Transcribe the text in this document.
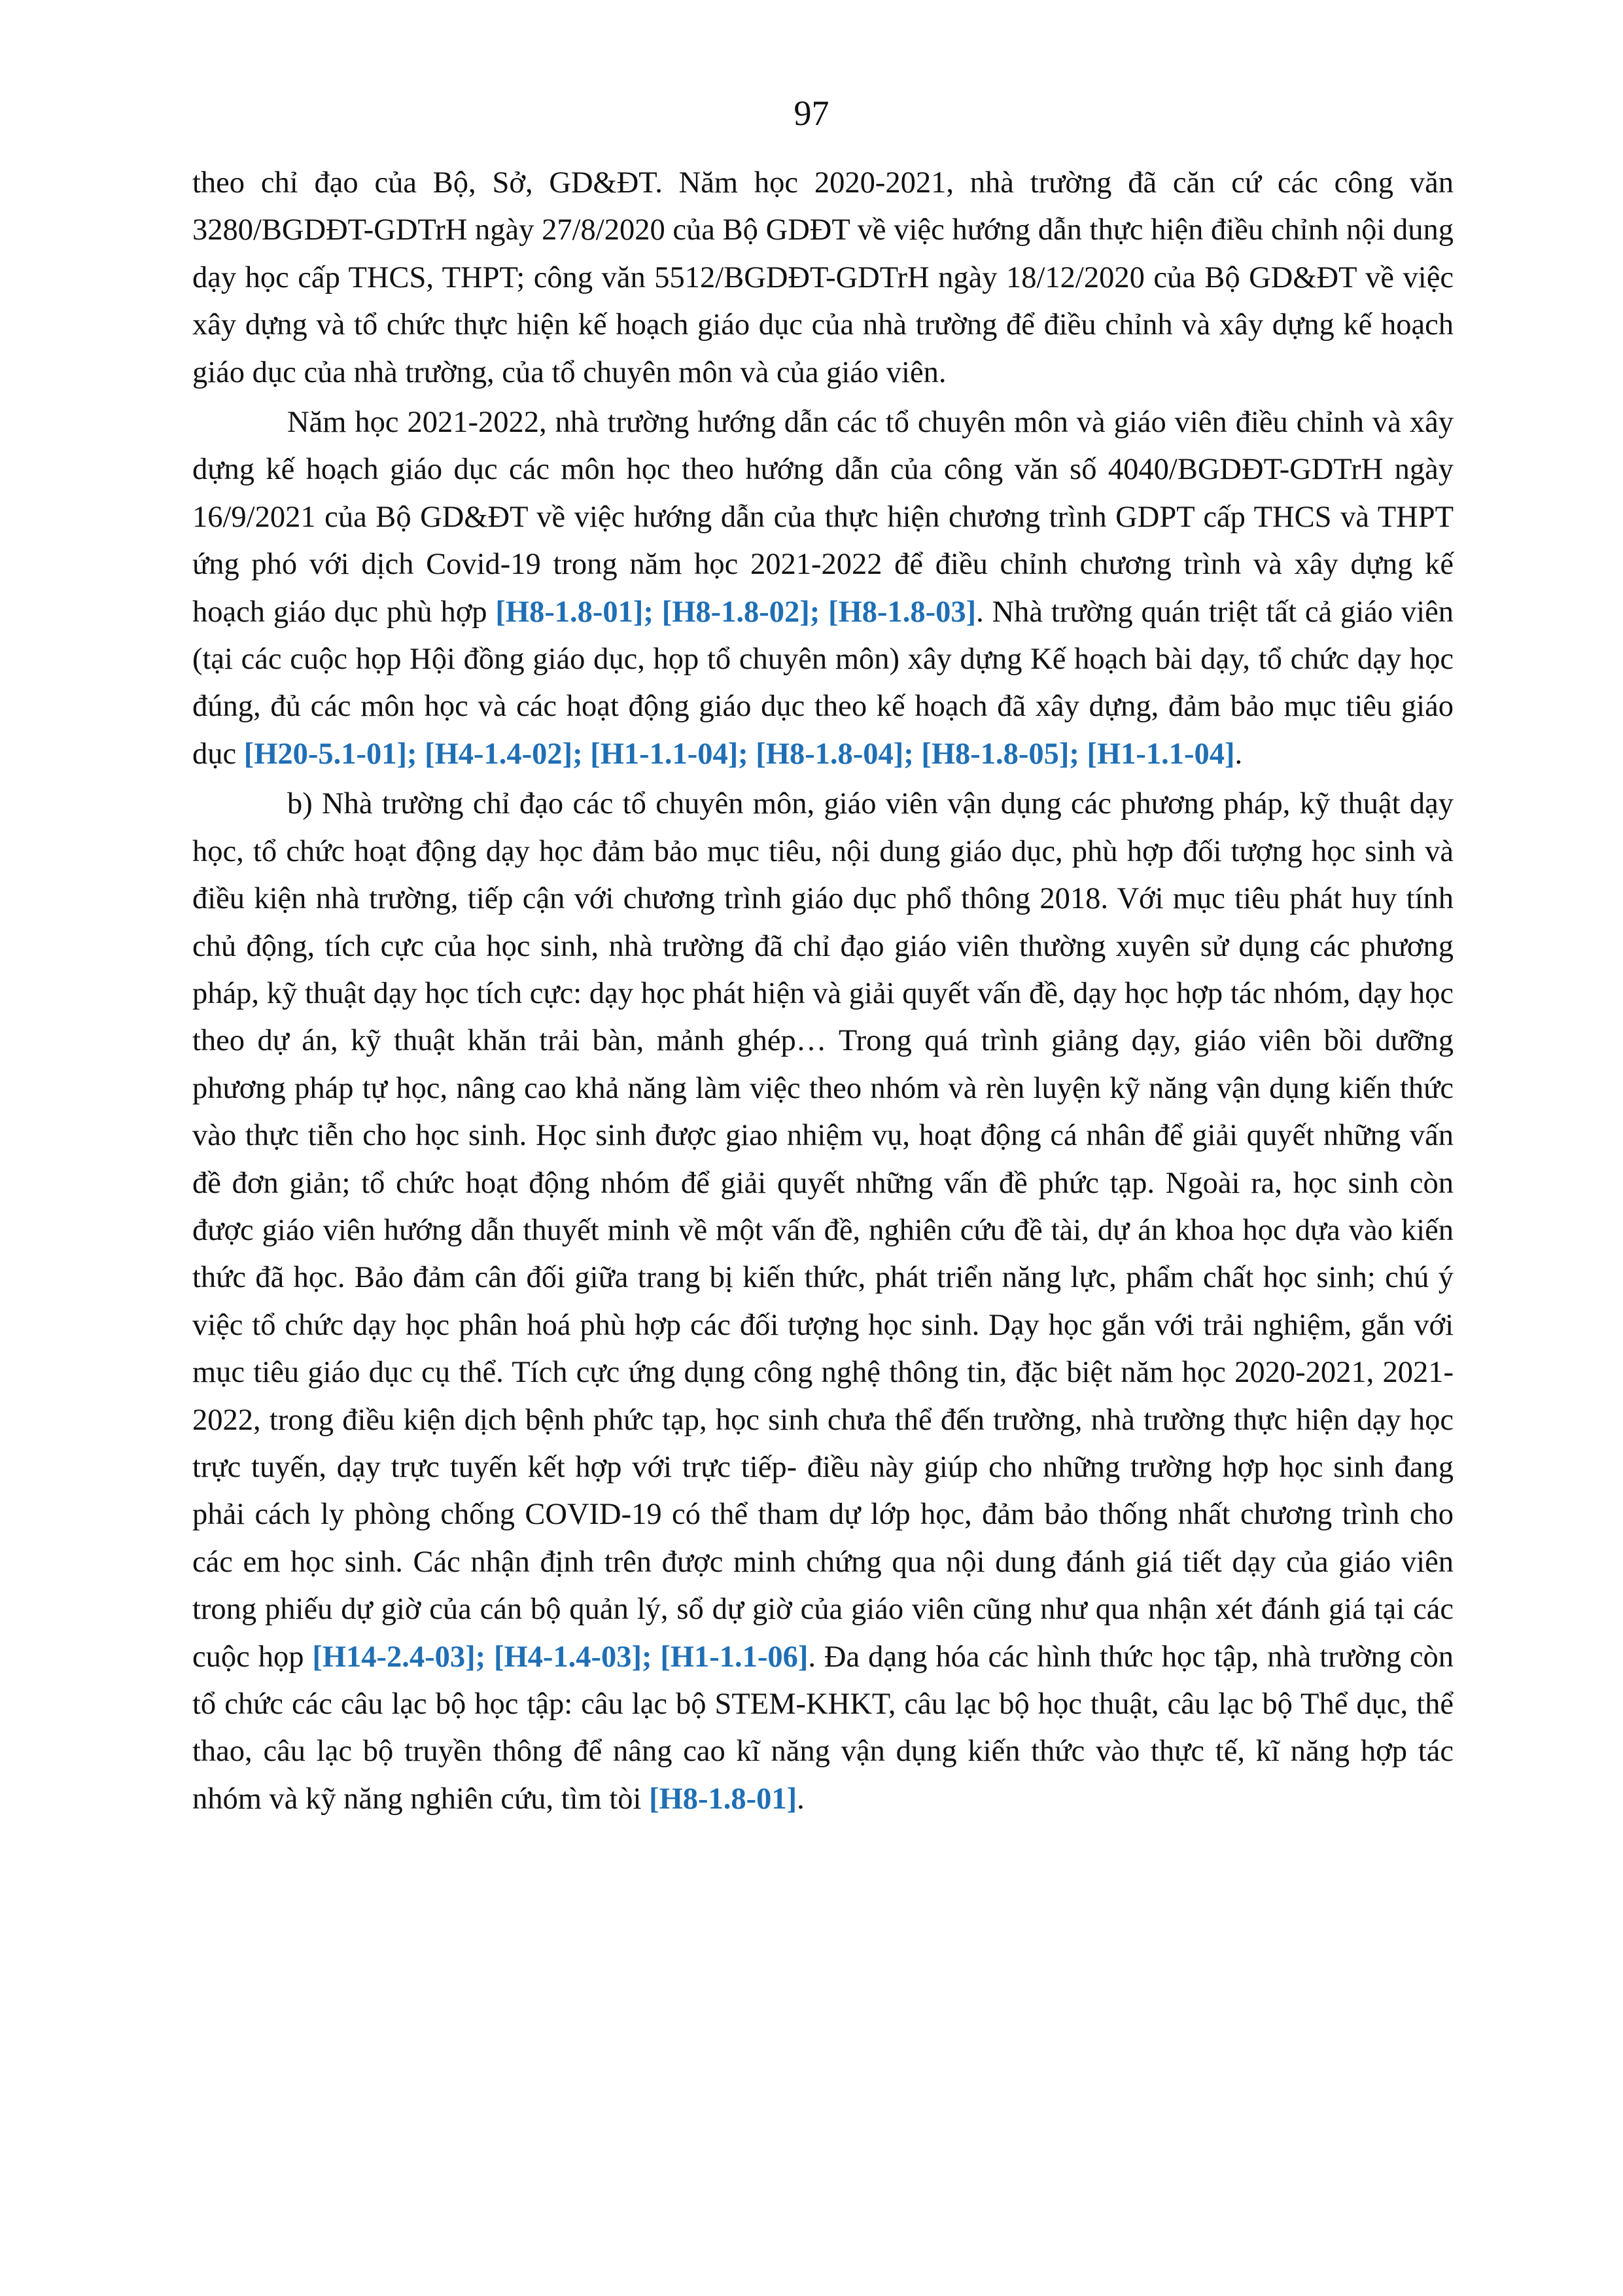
97

theo chỉ đạo của Bộ, Sở, GD&ĐT. Năm học 2020-2021, nhà trường đã căn cứ các công văn 3280/BGDĐT-GDTrH ngày 27/8/2020 của Bộ GDĐT về việc hướng dẫn thực hiện điều chỉnh nội dung dạy học cấp THCS, THPT; công văn 5512/BGDĐT-GDTrH ngày 18/12/2020 của Bộ GD&ĐT về việc xây dựng và tổ chức thực hiện kế hoạch giáo dục của nhà trường để điều chỉnh và xây dựng kế hoạch giáo dục của nhà trường, của tổ chuyên môn và của giáo viên.

Năm học 2021-2022, nhà trường hướng dẫn các tổ chuyên môn và giáo viên điều chỉnh và xây dựng kế hoạch giáo dục các môn học theo hướng dẫn của công văn số 4040/BGDĐT-GDTrH ngày 16/9/2021 của Bộ GD&ĐT về việc hướng dẫn của thực hiện chương trình GDPT cấp THCS và THPT ứng phó với dịch Covid-19 trong năm học 2021-2022 để điều chỉnh chương trình và xây dựng kế hoạch giáo dục phù hợp [H8-1.8-01]; [H8-1.8-02]; [H8-1.8-03]. Nhà trường quán triệt tất cả giáo viên (tại các cuộc họp Hội đồng giáo dục, họp tổ chuyên môn) xây dựng Kế hoạch bài dạy, tổ chức dạy học đúng, đủ các môn học và các hoạt động giáo dục theo kế hoạch đã xây dựng, đảm bảo mục tiêu giáo dục [H20-5.1-01]; [H4-1.4-02]; [H1-1.1-04]; [H8-1.8-04]; [H8-1.8-05]; [H1-1.1-04].

b) Nhà trường chỉ đạo các tổ chuyên môn, giáo viên vận dụng các phương pháp, kỹ thuật dạy học, tổ chức hoạt động dạy học đảm bảo mục tiêu, nội dung giáo dục, phù hợp đối tượng học sinh và điều kiện nhà trường, tiếp cận với chương trình giáo dục phổ thông 2018. Với mục tiêu phát huy tính chủ động, tích cực của học sinh, nhà trường đã chỉ đạo giáo viên thường xuyên sử dụng các phương pháp, kỹ thuật dạy học tích cực: dạy học phát hiện và giải quyết vấn đề, dạy học hợp tác nhóm, dạy học theo dự án, kỹ thuật khăn trải bàn, mảnh ghép… Trong quá trình giảng dạy, giáo viên bồi dưỡng phương pháp tự học, nâng cao khả năng làm việc theo nhóm và rèn luyện kỹ năng vận dụng kiến thức vào thực tiễn cho học sinh. Học sinh được giao nhiệm vụ, hoạt động cá nhân để giải quyết những vấn đề đơn giản; tổ chức hoạt động nhóm để giải quyết những vấn đề phức tạp. Ngoài ra, học sinh còn được giáo viên hướng dẫn thuyết minh về một vấn đề, nghiên cứu đề tài, dự án khoa học dựa vào kiến thức đã học. Bảo đảm cân đối giữa trang bị kiến thức, phát triển năng lực, phẩm chất học sinh; chú ý việc tổ chức dạy học phân hoá phù hợp các đối tượng học sinh. Dạy học gắn với trải nghiệm, gắn với mục tiêu giáo dục cụ thể. Tích cực ứng dụng công nghệ thông tin, đặc biệt năm học 2020-2021, 2021-2022, trong điều kiện dịch bệnh phức tạp, học sinh chưa thể đến trường, nhà trường thực hiện dạy học trực tuyến, dạy trực tuyến kết hợp với trực tiếp- điều này giúp cho những trường hợp học sinh đang phải cách ly phòng chống COVID-19 có thể tham dự lớp học, đảm bảo thống nhất chương trình cho các em học sinh. Các nhận định trên được minh chứng qua nội dung đánh giá tiết dạy của giáo viên trong phiếu dự giờ của cán bộ quản lý, sổ dự giờ của giáo viên cũng như qua nhận xét đánh giá tại các cuộc họp [H14-2.4-03]; [H4-1.4-03]; [H1-1.1-06]. Đa dạng hóa các hình thức học tập, nhà trường còn tổ chức các câu lạc bộ học tập: câu lạc bộ STEM-KHKT, câu lạc bộ học thuật, câu lạc bộ Thể dục, thể thao, câu lạc bộ truyền thông để nâng cao kĩ năng vận dụng kiến thức vào thực tế, kĩ năng hợp tác nhóm và kỹ năng nghiên cứu, tìm tòi [H8-1.8-01].
